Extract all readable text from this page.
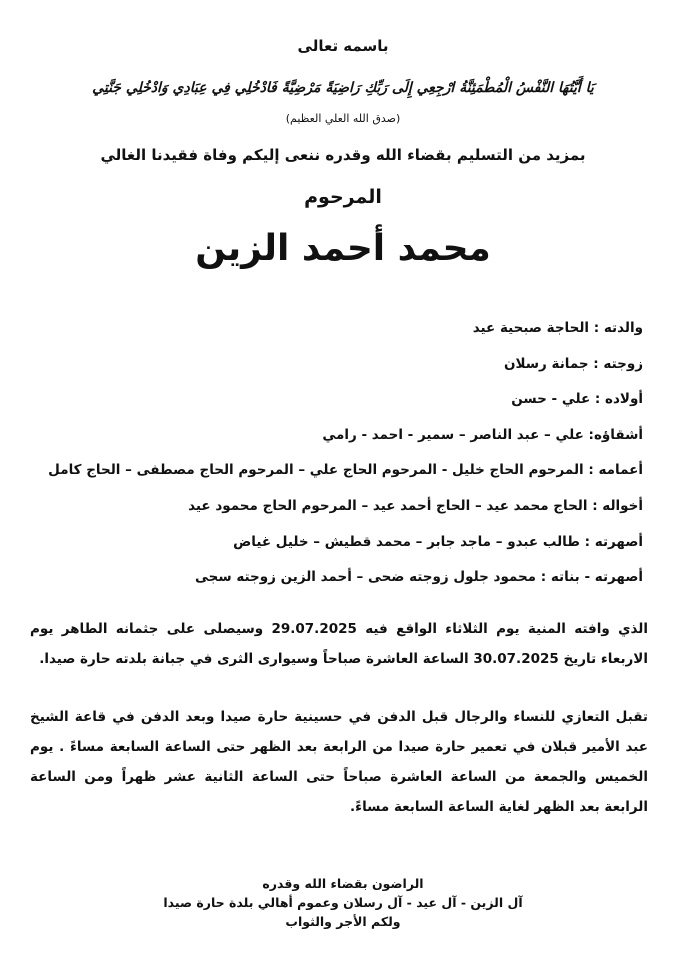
باسمه تعالى
يَا أَيَّتُهَا النَّفْسُ الْمُطْمَئِنَّةُ ارْجِعِي إِلَى رَبِّكِ رَاضِيَةً مَرْضِيَّةً فَادْخُلِي فِي عِبَادِي وَادْخُلِي جَنَّتِي
(صدق الله العلي العظيم)
بمزيد من التسليم بقضاء الله وقدره ننعى إليكم وفاة فقيدنا الغالي
المرحوم
محمد أحمد الزين
والدته : الحاجة صبحية عيد
زوجته : جمانة رسلان
أولاده : علي - حسن
أشقاؤه: علي – عبد الناصر – سمير - احمد - رامي
أعمامه : المرحوم الحاج خليل - المرحوم الحاج علي – المرحوم الحاج مصطفى – الحاج كامل
أخواله : الحاج محمد عيد – الحاج أحمد عيد – المرحوم الحاج محمود عيد
أصهرته : طالب عبدو – ماجد جابر – محمد قطيش – خليل غياض
أصهرته - بناته : محمود جلول زوجته ضحى – أحمد الزين زوجته سجى

الذي وافته المنية يوم الثلاثاء الواقع فيه 29.07.2025 وسيصلى على جثمانه الطاهر يوم الاربعاء تاريخ 30.07.2025 الساعة العاشرة صباحاً وسيوارى الثرى في جبانة بلدته حارة صيدا.

تقبل التعازي للنساء والرجال قبل الدفن في حسينية حارة صيدا وبعد الدفن في قاعة الشيخ عبد الأمير قبلان في تعمير حارة صيدا من الرابعة بعد الظهر حتى الساعة السابعة مساءً . يوم الخميس والجمعة من الساعة العاشرة صباحاً حتى الساعة الثانية عشر ظهراً ومن الساعة الرابعة بعد الظهر لغاية الساعة السابعة مساءً.

الراضون بقضاء الله وقدره
آل الزين - آل عيد - آل رسلان وعموم أهالي بلدة حارة صيدا
ولكم الأجر والثواب
